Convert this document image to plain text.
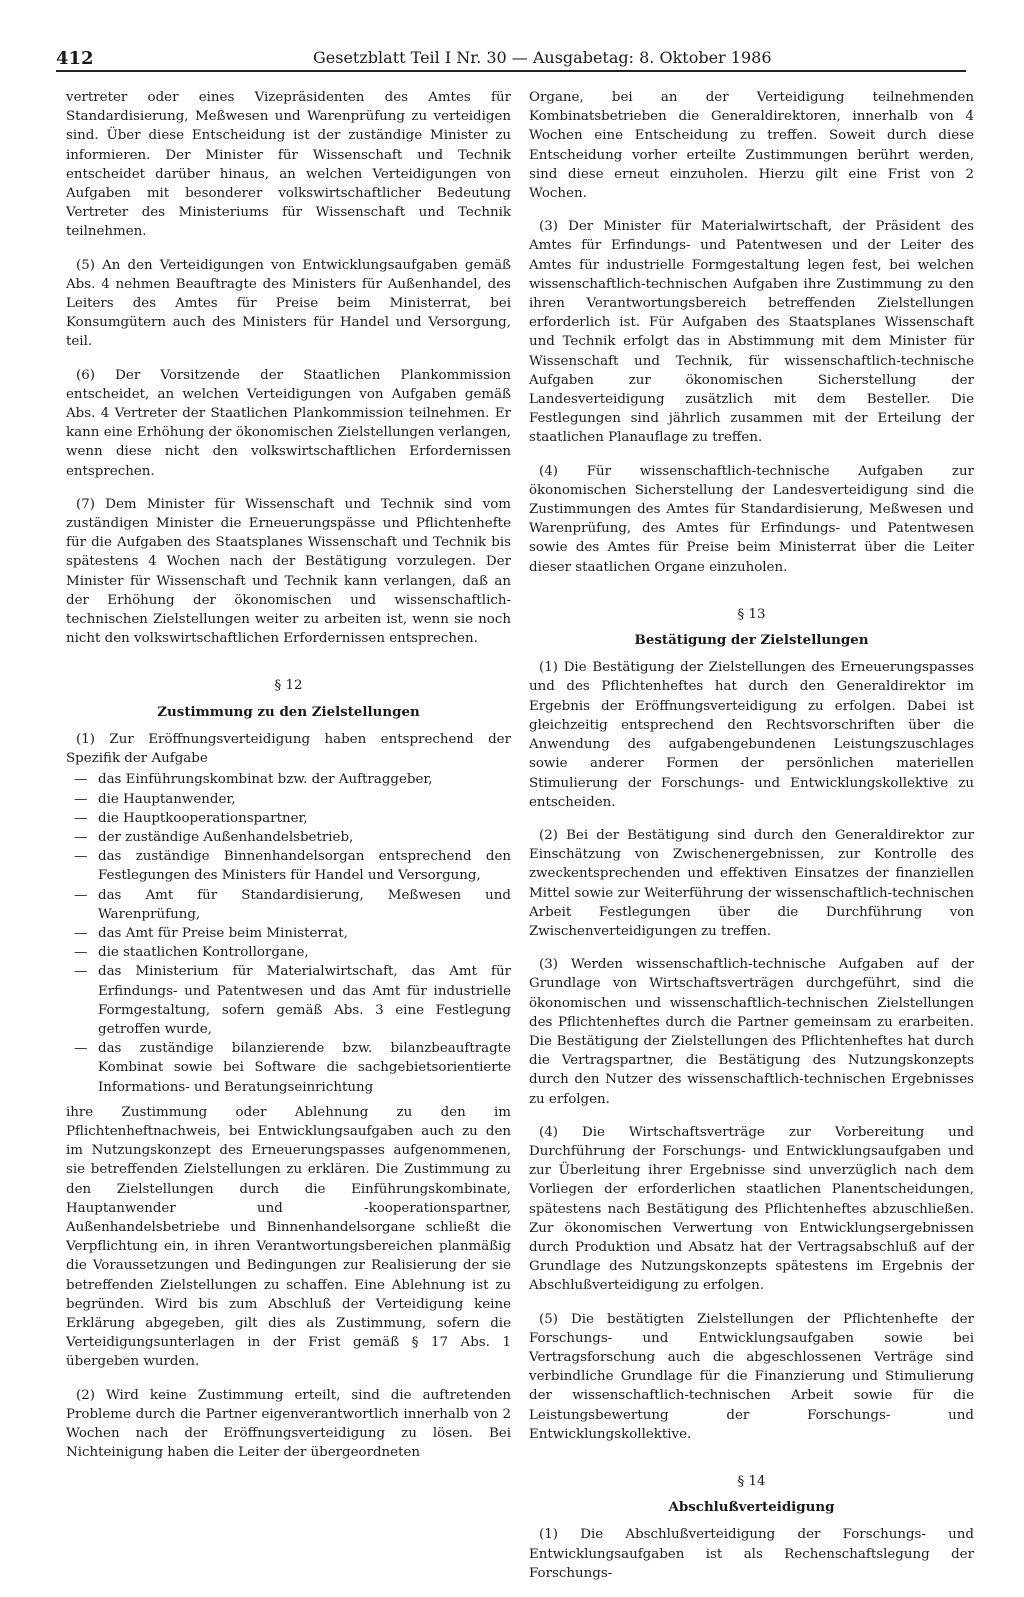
412	Gesetzblatt Teil I Nr. 30 — Ausgabetag: 8. Oktober 1986

vertreter oder eines Vizepräsidenten des Amtes für Standardisierung, Meßwesen und Warenprüfung zu verteidigen sind. Über diese Entscheidung ist der zuständige Minister zu informieren. Der Minister für Wissenschaft und Technik entscheidet darüber hinaus, an welchen Verteidigungen von Aufgaben mit besonderer volkswirtschaftlicher Bedeutung Vertreter des Ministeriums für Wissenschaft und Technik teilnehmen.

(5) An den Verteidigungen von Entwicklungsaufgaben gemäß Abs. 4 nehmen Beauftragte des Ministers für Außenhandel, des Leiters des Amtes für Preise beim Ministerrat, bei Konsumgütern auch des Ministers für Handel und Versorgung, teil.

(6) Der Vorsitzende der Staatlichen Plankommission entscheidet, an welchen Verteidigungen von Aufgaben gemäß Abs. 4 Vertreter der Staatlichen Plankommission teilnehmen. Er kann eine Erhöhung der ökonomischen Zielstellungen verlangen, wenn diese nicht den volkswirtschaftlichen Erfordernissen entsprechen.

(7) Dem Minister für Wissenschaft und Technik sind vom zuständigen Minister die Erneuerungspässe und Pflichtenhefte für die Aufgaben des Staatsplanes Wissenschaft und Technik bis spätestens 4 Wochen nach der Bestätigung vorzulegen. Der Minister für Wissenschaft und Technik kann verlangen, daß an der Erhöhung der ökonomischen und wissenschaftlich-technischen Zielstellungen weiter zu arbeiten ist, wenn sie noch nicht den volkswirtschaftlichen Erfordernissen entsprechen.

§ 12
Zustimmung zu den Zielstellungen

(1) Zur Eröffnungsverteidigung haben entsprechend der Spezifik der Aufgabe

— das Einführungskombinat bzw. der Auftraggeber,
— die Hauptanwender,
— die Hauptkooperationspartner,
— der zuständige Außenhandelsbetrieb,
— das zuständige Binnenhandelsorgan entsprechend den Festlegungen des Ministers für Handel und Versorgung,
— das Amt für Standardisierung, Meßwesen und Warenprüfung,
— das Amt für Preise beim Ministerrat,
— die staatlichen Kontrollorgane,
— das Ministerium für Materialwirtschaft, das Amt für Erfindungs- und Patentwesen und das Amt für industrielle Formgestaltung, sofern gemäß Abs. 3 eine Festlegung getroffen wurde,
— das zuständige bilanzierende bzw. bilanzbeauftragte Kombinat sowie bei Software die sachgebietsorientierte Informations- und Beratungseinrichtung

ihre Zustimmung oder Ablehnung zu den im Pflichtenheftnachweis, bei Entwicklungsaufgaben auch zu den im Nutzungskonzept des Erneuerungspasses aufgenommenen, sie betreffenden Zielstellungen zu erklären. Die Zustimmung zu den Zielstellungen durch die Einführungskombinate, Hauptanwender und -kooperationspartner, Außenhandelsbetriebe und Binnenhandelsorgane schließt die Verpflichtung ein, in ihren Verantwortungsbereichen planmäßig die Voraussetzungen und Bedingungen zur Realisierung der sie betreffenden Zielstellungen zu schaffen. Eine Ablehnung ist zu begründen. Wird bis zum Abschluß der Verteidigung keine Erklärung abgegeben, gilt dies als Zustimmung, sofern die Verteidigungsunterlagen in der Frist gemäß § 17 Abs. 1 übergeben wurden.

(2) Wird keine Zustimmung erteilt, sind die auftretenden Probleme durch die Partner eigenverantwortlich innerhalb von 2 Wochen nach der Eröffnungsverteidigung zu lösen. Bei Nichteinigung haben die Leiter der übergeordneten

Organe, bei an der Verteidigung teilnehmenden Kombinatsbetrieben die Generaldirektoren, innerhalb von 4 Wochen eine Entscheidung zu treffen. Soweit durch diese Entscheidung vorher erteilte Zustimmungen berührt werden, sind diese erneut einzuholen. Hierzu gilt eine Frist von 2 Wochen.

(3) Der Minister für Materialwirtschaft, der Präsident des Amtes für Erfindungs- und Patentwesen und der Leiter des Amtes für industrielle Formgestaltung legen fest, bei welchen wissenschaftlich-technischen Aufgaben ihre Zustimmung zu den ihren Verantwortungsbereich betreffenden Zielstellungen erforderlich ist. Für Aufgaben des Staatsplanes Wissenschaft und Technik erfolgt das in Abstimmung mit dem Minister für Wissenschaft und Technik, für wissenschaftlich-technische Aufgaben zur ökonomischen Sicherstellung der Landesverteidigung zusätzlich mit dem Besteller. Die Festlegungen sind jährlich zusammen mit der Erteilung der staatlichen Planauflage zu treffen.

(4) Für wissenschaftlich-technische Aufgaben zur ökonomischen Sicherstellung der Landesverteidigung sind die Zustimmungen des Amtes für Standardisierung, Meßwesen und Warenprüfung, des Amtes für Erfindungs- und Patentwesen sowie des Amtes für Preise beim Ministerrat über die Leiter dieser staatlichen Organe einzuholen.

§ 13
Bestätigung der Zielstellungen

(1) Die Bestätigung der Zielstellungen des Erneuerungspasses und des Pflichtenheftes hat durch den Generaldirektor im Ergebnis der Eröffnungsverteidigung zu erfolgen. Dabei ist gleichzeitig entsprechend den Rechtsvorschriften über die Anwendung des aufgabengebundenen Leistungszuschlages sowie anderer Formen der persönlichen materiellen Stimulierung der Forschungs- und Entwicklungskollektive zu entscheiden.

(2) Bei der Bestätigung sind durch den Generaldirektor zur Einschätzung von Zwischenergebnissen, zur Kontrolle des zweckentsprechenden und effektiven Einsatzes der finanziellen Mittel sowie zur Weiterführung der wissenschaftlich-technischen Arbeit Festlegungen über die Durchführung von Zwischenverteidigungen zu treffen.

(3) Werden wissenschaftlich-technische Aufgaben auf der Grundlage von Wirtschaftsverträgen durchgeführt, sind die ökonomischen und wissenschaftlich-technischen Zielstellungen des Pflichtenheftes durch die Partner gemeinsam zu erarbeiten. Die Bestätigung der Zielstellungen des Pflichtenheftes hat durch die Vertragspartner, die Bestätigung des Nutzungskonzepts durch den Nutzer des wissenschaftlich-technischen Ergebnisses zu erfolgen.

(4) Die Wirtschaftsverträge zur Vorbereitung und Durchführung der Forschungs- und Entwicklungsaufgaben und zur Überleitung ihrer Ergebnisse sind unverzüglich nach dem Vorliegen der erforderlichen staatlichen Planentscheidungen, spätestens nach Bestätigung des Pflichtenheftes abzuschließen. Zur ökonomischen Verwertung von Entwicklungsergebnissen durch Produktion und Absatz hat der Vertragsabschluß auf der Grundlage des Nutzungskonzepts spätestens im Ergebnis der Abschlußverteidigung zu erfolgen.

(5) Die bestätigten Zielstellungen der Pflichtenhefte der Forschungs- und Entwicklungsaufgaben sowie bei Vertragsforschung auch die abgeschlossenen Verträge sind verbindliche Grundlage für die Finanzierung und Stimulierung der wissenschaftlich-technischen Arbeit sowie für die Leistungsbewertung der Forschungs- und Entwicklungskollektive.

§ 14
Abschlußverteidigung

(1) Die Abschlußverteidigung der Forschungs- und Entwicklungsaufgaben ist als Rechenschaftslegung der Forschungs-
